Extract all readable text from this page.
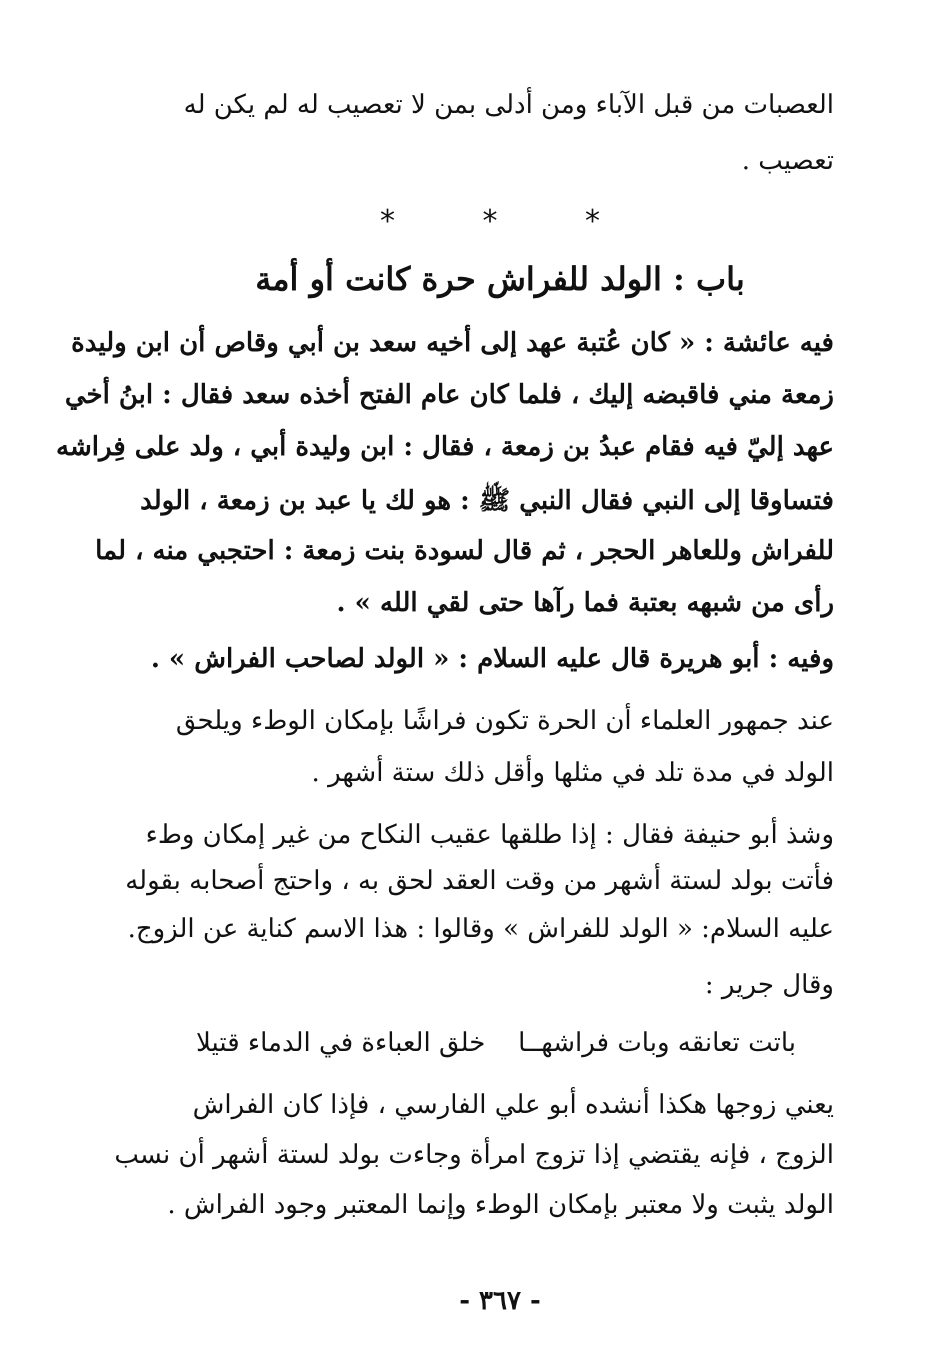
العصبات من قبل الآباء ومن أدلى بمن لا تعصيب له لم يكن له
تعصيب .
*	*	*
باب : الولد للفراش حرة كانت أو أمة
فيه عائشة : « كان عُتبة عهد إلى أخيه سعد بن أبي وقاص أن ابن وليدة
زمعة مني فاقبضه إليك ، فلما كان عام الفتح أخذه سعد فقال : ابنُ أخي
عهد إليّ فيه فقام عبدُ بن زمعة ، فقال : ابن وليدة أبي ، ولد على فِراشه
فتساوقا إلى النبي فقال النبي ﷺ : هو لك يا عبد بن زمعة ، الولد
للفراش وللعاهر الحجر ، ثم قال لسودة بنت زمعة : احتجبي منه ، لما
رأى من شبهه بعتبة فما رآها حتى لقي الله » .
وفيه : أبو هريرة قال عليه السلام : « الولد لصاحب الفراش » .
عند جمهور العلماء أن الحرة تكون فراشًا بإمكان الوطء ويلحق
الولد في مدة تلد في مثلها وأقل ذلك ستة أشهر .
وشذ أبو حنيفة فقال : إذا طلقها عقيب النكاح من غير إمكان وطء
فأتت بولد لستة أشهر من وقت العقد لحق به ، واحتج أصحابه بقوله
عليه السلام: « الولد للفراش » وقالوا : هذا الاسم كناية عن الزوج.
وقال جرير :
باتت تعانقه وبات فراشهــا
خلق العباءة في الدماء قتيلا
يعني زوجها هكذا أنشده أبو علي الفارسي ، فإذا كان الفراش
الزوج ، فإنه يقتضي إذا تزوج امرأة وجاءت بولد لستة أشهر أن نسب
الولد يثبت ولا معتبر بإمكان الوطء وإنما المعتبر وجود الفراش .
- ٣٦٧ -
